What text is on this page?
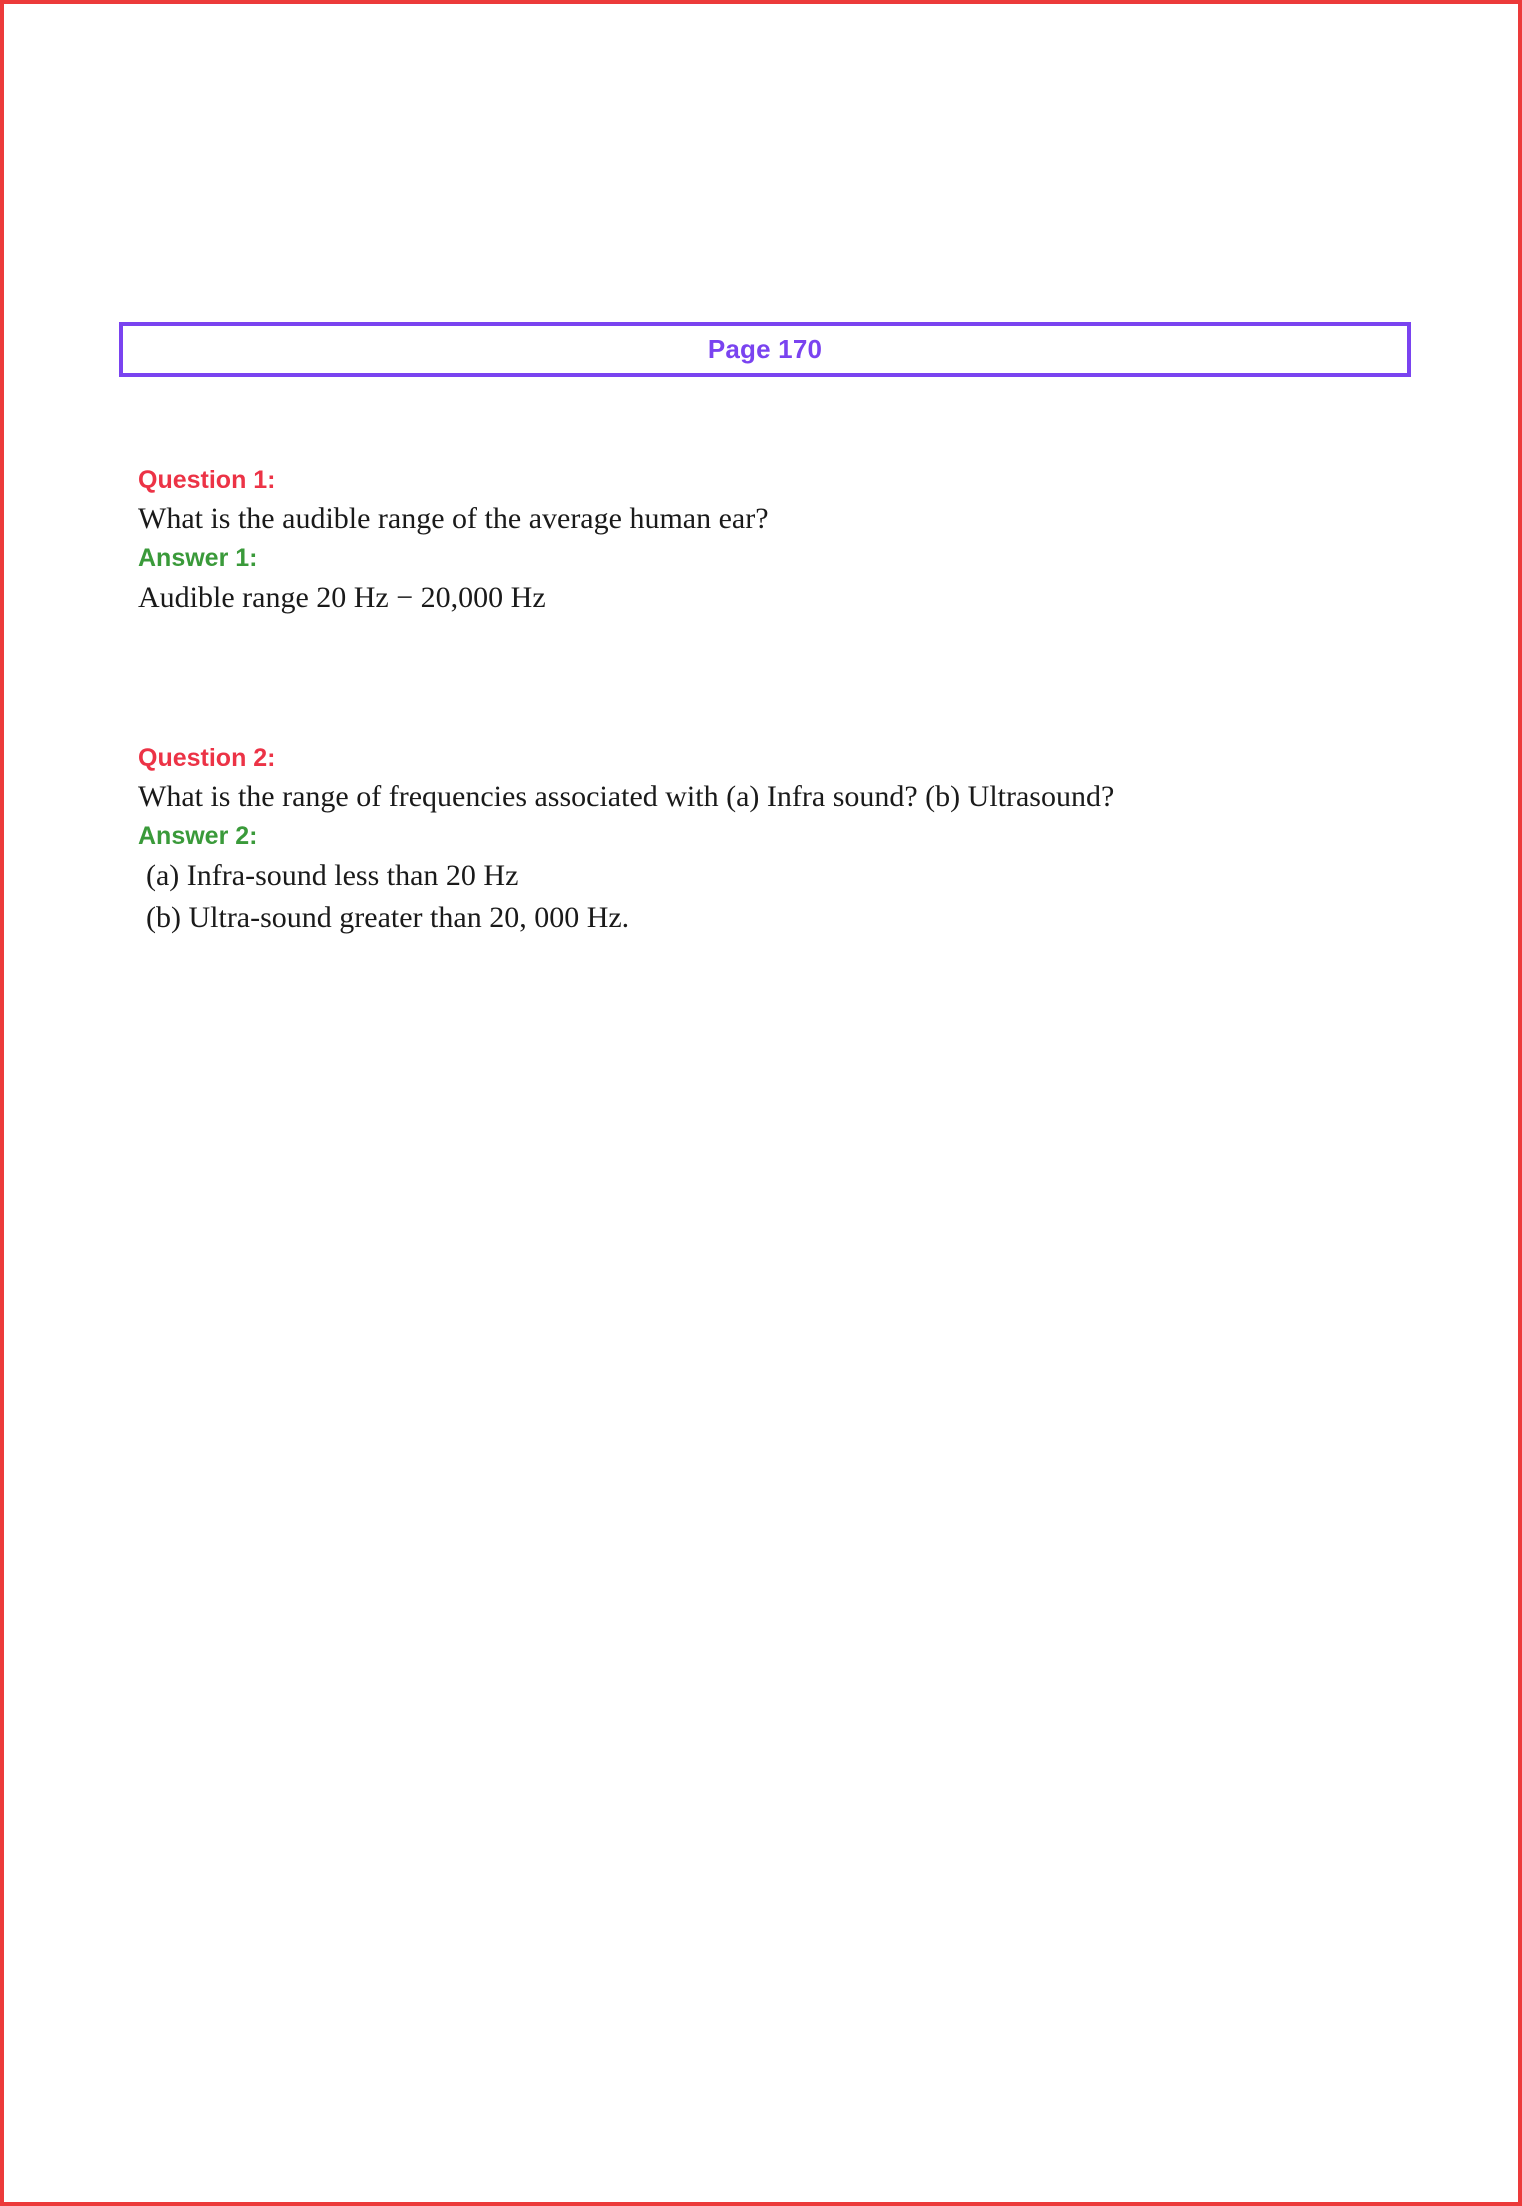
Page 170

Question 1:

What is the audible range of the average human ear?

Answer 1:

Audible range 20 Hz − 20,000 Hz

Question 2:

What is the range of frequencies associated with (a) Infra sound? (b) Ultrasound?

Answer 2:

(a) Infra-sound less than 20 Hz
(b) Ultra-sound greater than 20, 000 Hz.
